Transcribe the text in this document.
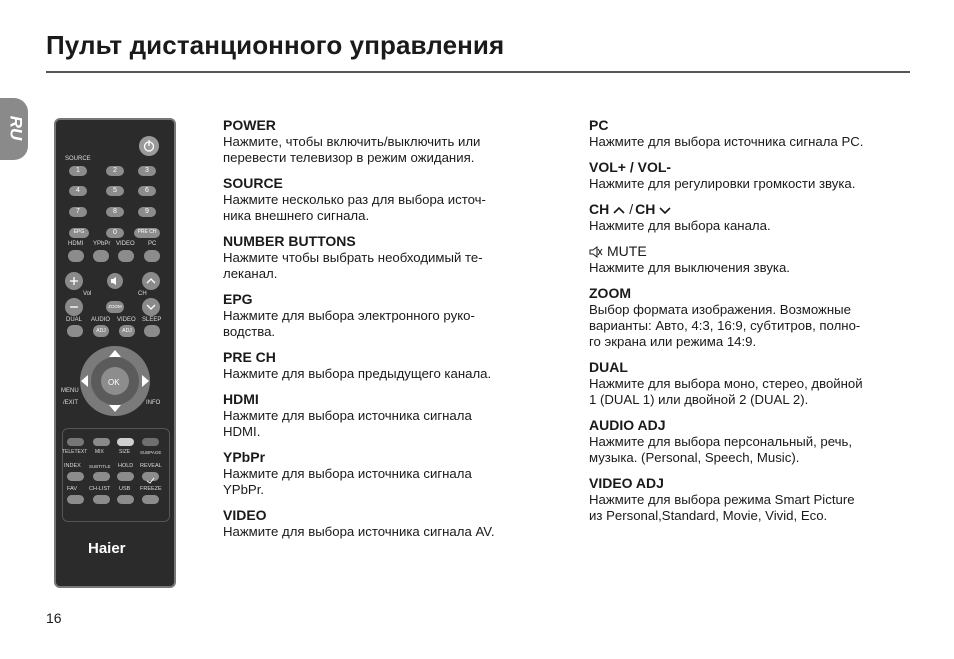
Пульт дистанционного управления
RU
SOURCE
1	2	3
4	5	6
7	8	9
EPG	0	PRE CH
HDMI YPbPr VIDEO PC
Vol	CH
ZOOM
DUAL AUDIO VIDEO SLEEP
ADJ	ADJ
OK
MENU
/EXIT	INFO
TELETEXT MIX	SIZE SUBPAGE
INDEX SUBTITLE HOLD REVEAL
FAV CH-LIST USB FREEZE
Haier
POWER

Нажмите, чтобы включить/выключить или
перевести телевизор в режим ожидания.

SOURCE

Нажмите несколько раз для выбора источ-
ника внешнего сигнала.

NUMBER BUTTONS

Нажмите чтобы выбрать необходимый те-
леканал.

EPG

Нажмите для выбора электронного руко-
водства.

PRE CH

Нажмите для выбора предыдущего канала.

HDMI

Нажмите для выбора источника сигнала
HDMI.

YPbPr

Нажмите для выбора источника сигнала
YPbPr.

VIDEO

Нажмите для выбора источника сигнала AV.

PC

Нажмите для выбора источника сигнала PC.

VOL+ / VOL-

Нажмите для регулировки громкости звука.

CH / CH

Нажмите для выбора канала.

MUTE

Нажмите для выключения звука.

ZOOM

Выбор формата изображения. Возможные
варианты: Авто, 4:3, 16:9, субтитров, полно-
го экрана или режима 14:9.

DUAL

Нажмите для выбора моно, стерео, двойной
1 (DUAL 1) или двойной 2 (DUAL 2).

AUDIO ADJ

Нажмите для выбора персональный, речь,
музыка. (Personal, Speech, Music).

VIDEO ADJ

Нажмите для выбора режима Smart Picture
из Personal,Standard, Movie, Vivid, Eco.

16
